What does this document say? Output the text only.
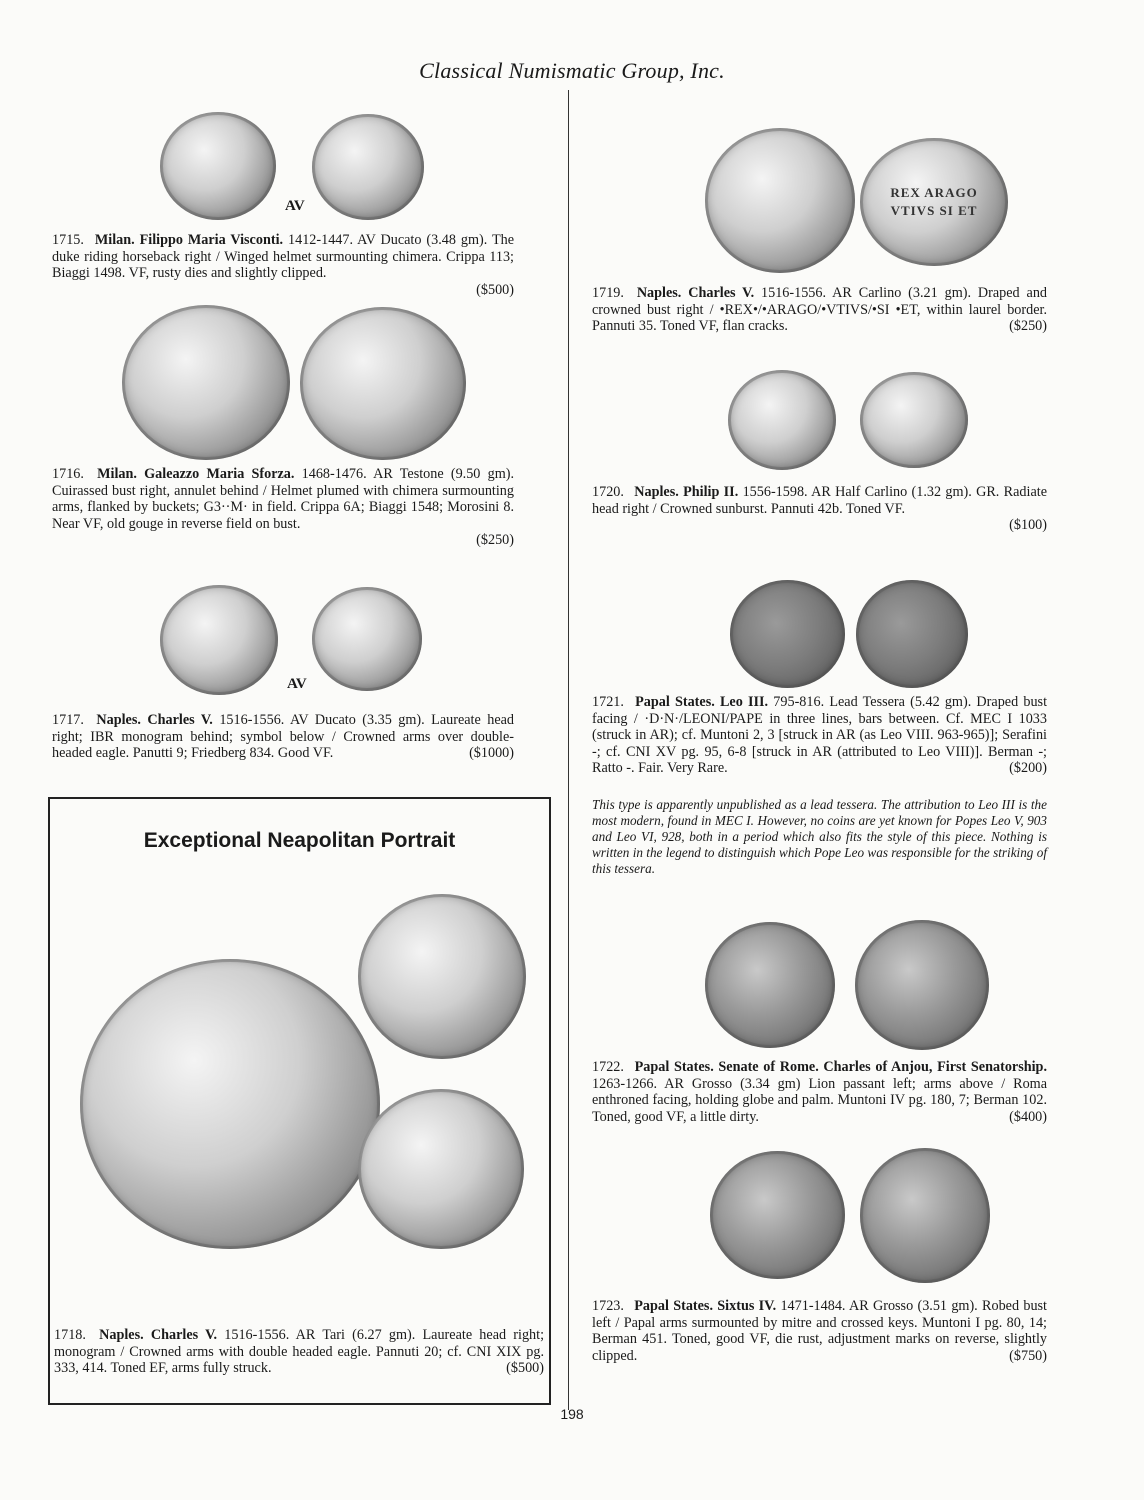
Classical Numismatic Group, Inc.
AV
1715. Milan. Filippo Maria Visconti. 1412-1447. AV Ducato (3.48 gm). The duke riding horseback right / Winged helmet surmounting chimera. Crippa 113; Biaggi 1498. VF, rusty dies and slightly clipped.
($500)
1716. Milan. Galeazzo Maria Sforza. 1468-1476. AR Testone (9.50 gm). Cuirassed bust right, annulet behind / Helmet plumed with chimera surmounting arms, flanked by buckets; G3··M· in field. Crippa 6A; Biaggi 1548; Morosini 8. Near VF, old gouge in reverse field on bust.
($250)
AV
1717. Naples. Charles V. 1516-1556. AV Ducato (3.35 gm). Laureate head right; IBR monogram behind; symbol below / Crowned arms over double-headed eagle. Panutti 9; Friedberg 834. Good VF.	($1000)
Exceptional Neapolitan Portrait
1718. Naples. Charles V. 1516-1556. AR Tari (6.27 gm). Laureate head right; monogram / Crowned arms with double headed eagle. Pannuti 20; cf. CNI XIX pg. 333, 414. Toned EF, arms fully struck.	($500)
REX ARAGO VTIVS SI ET
1719. Naples. Charles V. 1516-1556. AR Carlino (3.21 gm). Draped and crowned bust right / •REX•/•ARAGO/•VTIVS/•SI •ET, within laurel border. Pannuti 35. Toned VF, flan cracks.	($250)
1720. Naples. Philip II. 1556-1598. AR Half Carlino (1.32 gm). GR. Radiate head right / Crowned sunburst. Pannuti 42b. Toned VF.
($100)
1721. Papal States. Leo III. 795-816. Lead Tessera (5.42 gm). Draped bust facing / ·D·N·/LEONI/PAPE in three lines, bars between. Cf. MEC I 1033 (struck in AR); cf. Muntoni 2, 3 [struck in AR (as Leo VIII. 963-965)]; Serafini -; cf. CNI XV pg. 95, 6-8 [struck in AR (attributed to Leo VIII)]. Berman -; Ratto -. Fair. Very Rare.	($200)
This type is apparently unpublished as a lead tessera. The attribution to Leo III is the most modern, found in MEC I. However, no coins are yet known for Popes Leo V, 903 and Leo VI, 928, both in a period which also fits the style of this piece. Nothing is written in the legend to distinguish which Pope Leo was responsible for the striking of this tessera.
1722. Papal States. Senate of Rome. Charles of Anjou, First Senatorship. 1263-1266. AR Grosso (3.34 gm) Lion passant left; arms above / Roma enthroned facing, holding globe and palm. Muntoni IV pg. 180, 7; Berman 102. Toned, good VF, a little dirty.	($400)
1723. Papal States. Sixtus IV. 1471-1484. AR Grosso (3.51 gm). Robed bust left / Papal arms surmounted by mitre and crossed keys. Muntoni I pg. 80, 14; Berman 451. Toned, good VF, die rust, adjustment marks on reverse, slightly clipped.	($750)
198
